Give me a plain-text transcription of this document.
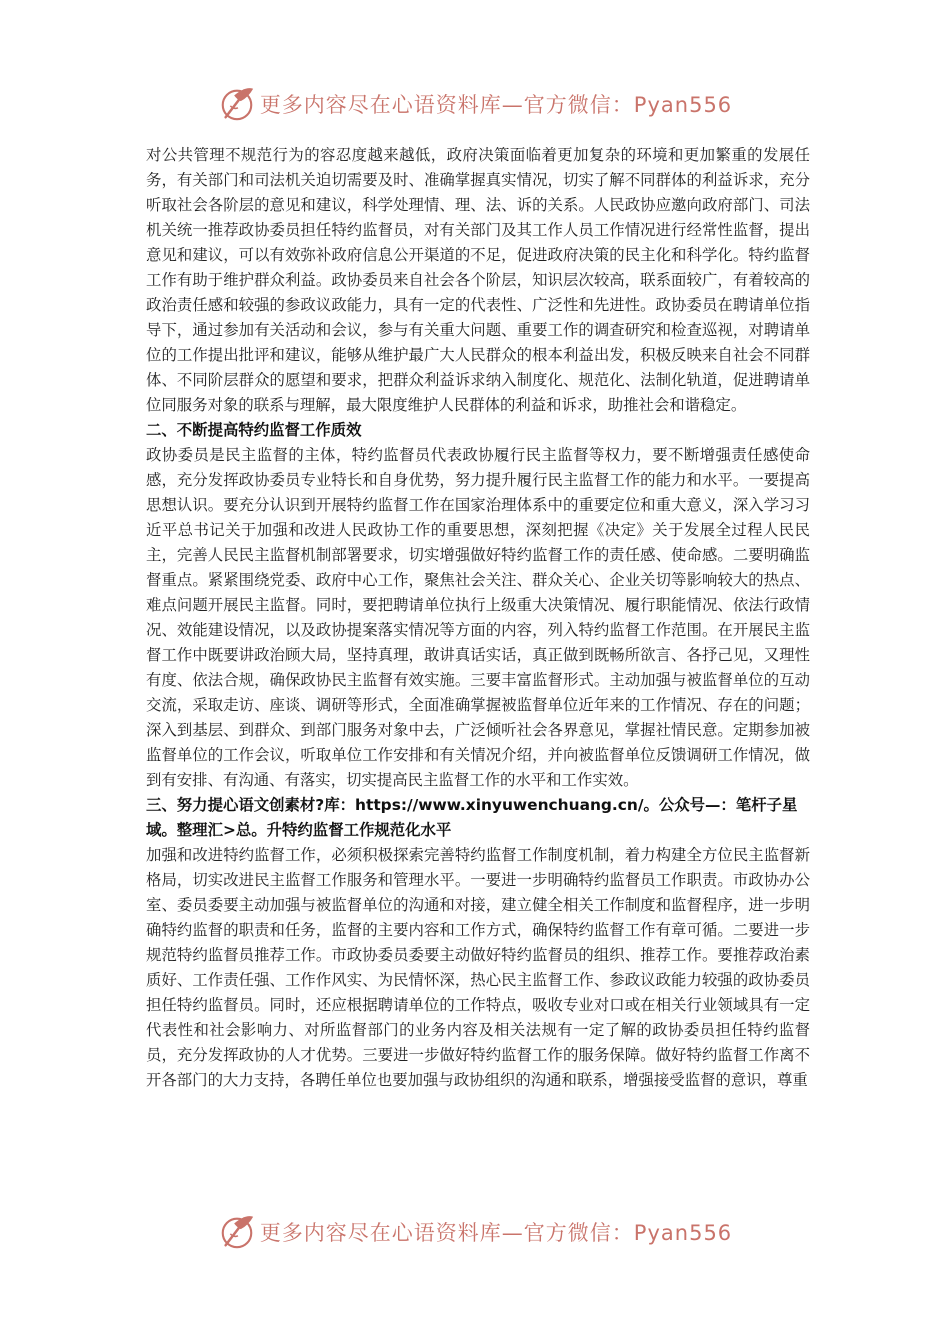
更多内容尽在心语资料库—官方微信：Pyan556

对公共管理不规范行为的容忍度越来越低，政府决策面临着更加复杂的环境和更加繁重的发展任务，有关部门和司法机关迫切需要及时、准确掌握真实情况，切实了解不同群体的利益诉求，充分听取社会各阶层的意见和建议，科学处理情、理、法、诉的关系。人民政协应邀向政府部门、司法机关统一推荐政协委员担任特约监督员，对有关部门及其工作人员工作情况进行经常性监督，提出意见和建议，可以有效弥补政府信息公开渠道的不足，促进政府决策的民主化和科学化。特约监督工作有助于维护群众利益。政协委员来自社会各个阶层，知识层次较高，联系面较广，有着较高的政治责任感和较强的参政议政能力，具有一定的代表性、广泛性和先进性。政协委员在聘请单位指导下，通过参加有关活动和会议，参与有关重大问题、重要工作的调查研究和检查巡视，对聘请单位的工作提出批评和建议，能够从维护最广大人民群众的根本利益出发，积极反映来自社会不同群体、不同阶层群众的愿望和要求，把群众利益诉求纳入制度化、规范化、法制化轨道，促进聘请单位同服务对象的联系与理解，最大限度维护人民群体的利益和诉求，助推社会和谐稳定。

二、不断提高特约监督工作质效

政协委员是民主监督的主体，特约监督员代表政协履行民主监督等权力，要不断增强责任感使命感，充分发挥政协委员专业特长和自身优势，努力提升履行民主监督工作的能力和水平。一要提高思想认识。要充分认识到开展特约监督工作在国家治理体系中的重要定位和重大意义，深入学习习近平总书记关于加强和改进人民政协工作的重要思想，深刻把握《决定》关于发展全过程人民民主，完善人民民主监督机制部署要求，切实增强做好特约监督工作的责任感、使命感。二要明确监督重点。紧紧围绕党委、政府中心工作，聚焦社会关注、群众关心、企业关切等影响较大的热点、难点问题开展民主监督。同时，要把聘请单位执行上级重大决策情况、履行职能情况、依法行政情况、效能建设情况，以及政协提案落实情况等方面的内容，列入特约监督工作范围。在开展民主监督工作中既要讲政治顾大局，坚持真理，敢讲真话实话，真正做到既畅所欲言、各抒己见，又理性有度、依法合规，确保政协民主监督有效实施。三要丰富监督形式。主动加强与被监督单位的互动交流，采取走访、座谈、调研等形式，全面准确掌握被监督单位近年来的工作情况、存在的问题；深入到基层、到群众、到部门服务对象中去，广泛倾听社会各界意见，掌握社情民意。定期参加被监督单位的工作会议，听取单位工作安排和有关情况介绍，并向被监督单位反馈调研工作情况，做到有安排、有沟通、有落实，切实提高民主监督工作的水平和工作实效。

三、努力提心语文创素材?库：https://www.xinyuwenchuang.cn/。公众号—：笔杆子星域。整理汇>总。升特约监督工作规范化水平

加强和改进特约监督工作，必须积极探索完善特约监督工作制度机制，着力构建全方位民主监督新格局，切实改进民主监督工作服务和管理水平。一要进一步明确特约监督员工作职责。市政协办公室、委员委要主动加强与被监督单位的沟通和对接，建立健全相关工作制度和监督程序，进一步明确特约监督的职责和任务，监督的主要内容和工作方式，确保特约监督工作有章可循。二要进一步规范特约监督员推荐工作。市政协委员委要主动做好特约监督员的组织、推荐工作。要推荐政治素质好、工作责任强、工作作风实、为民情怀深，热心民主监督工作、参政议政能力较强的政协委员担任特约监督员。同时，还应根据聘请单位的工作特点，吸收专业对口或在相关行业领域具有一定代表性和社会影响力、对所监督部门的业务内容及相关法规有一定了解的政协委员担任特约监督员，充分发挥政协的人才优势。三要进一步做好特约监督工作的服务保障。做好特约监督工作离不开各部门的大力支持，各聘任单位也要加强与政协组织的沟通和联系，增强接受监督的意识，尊重

更多内容尽在心语资料库—官方微信：Pyan556
